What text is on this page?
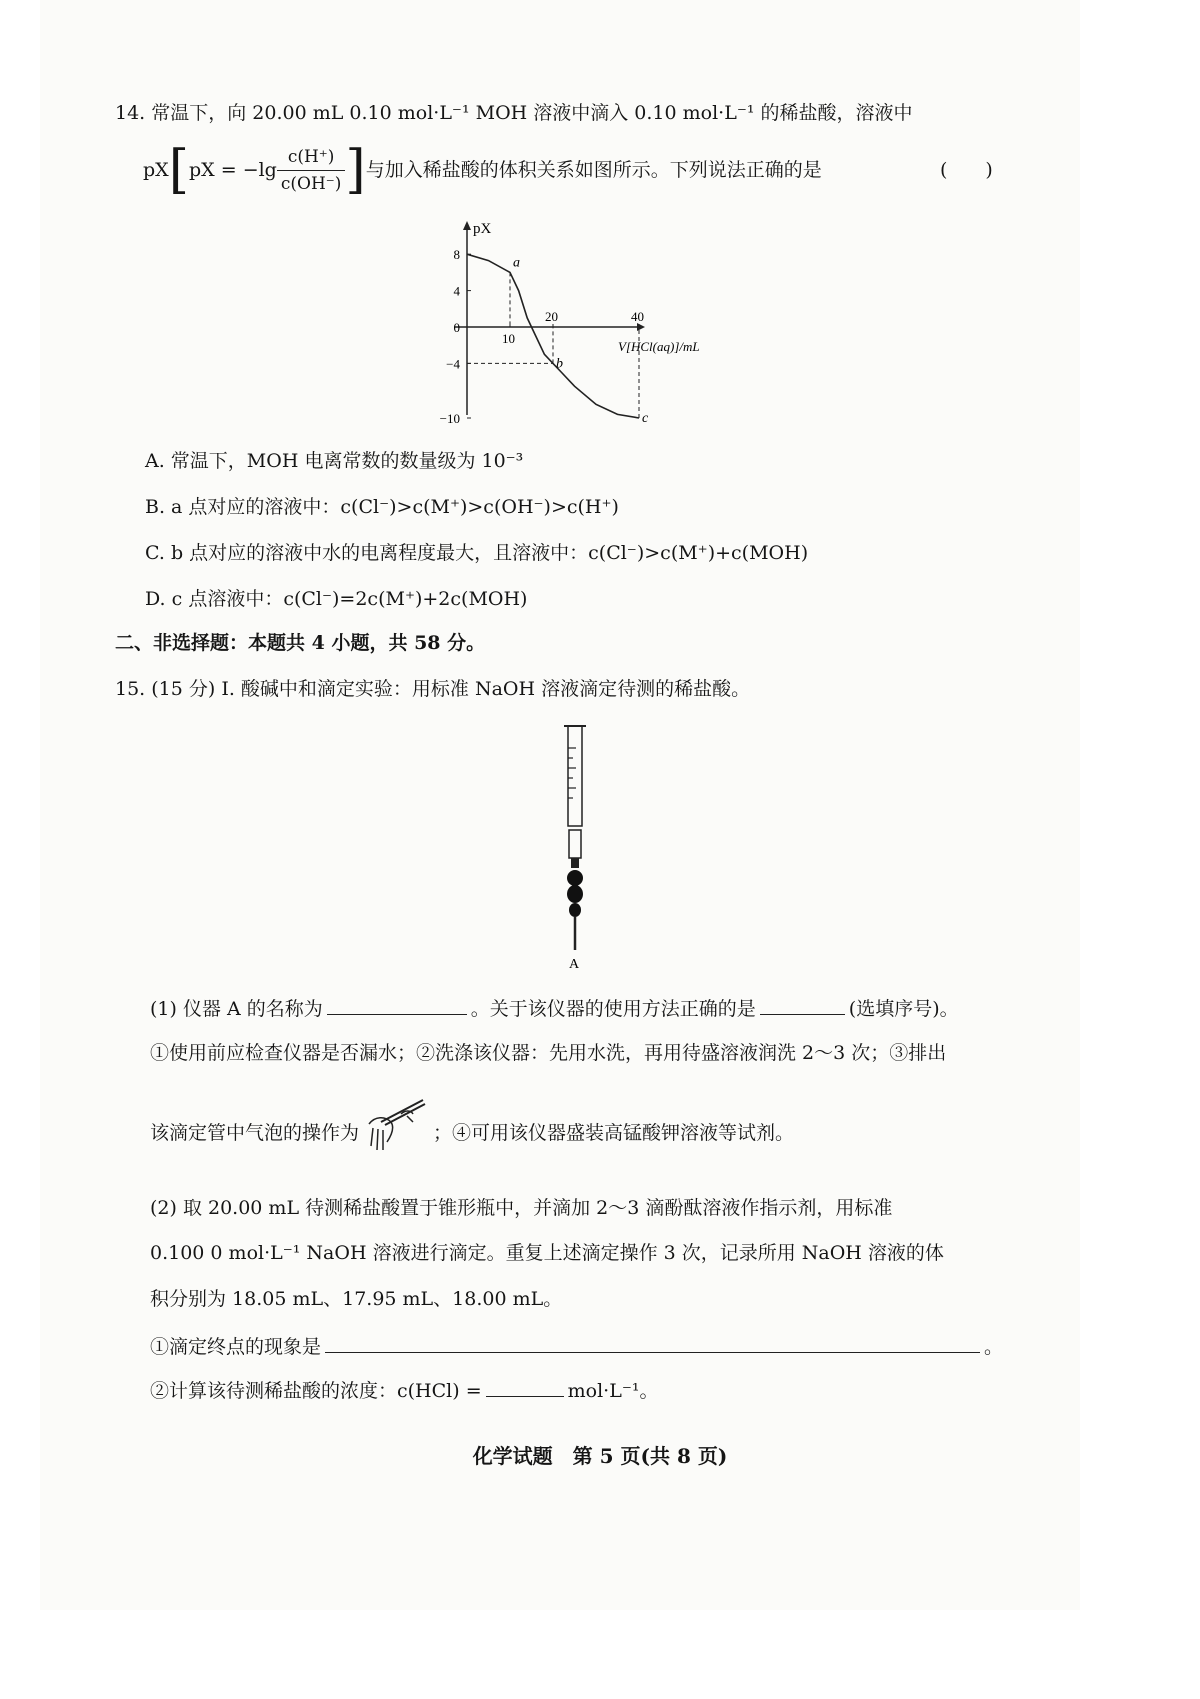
14. 常温下，向 20.00 mL 0.10 mol·L⁻¹ MOH 溶液中滴入 0.10 mol·L⁻¹ 的稀盐酸，溶液中
pX [ pX = $-\lg \frac{c(H^+)}{c(OH^-)}$ ] 与加入稀盐酸的体积关系如图所示。下列说法正确的是	(　　)
pX
V[HCl(aq)]/mL
10
20	40
8
4
0
−4
−10
a
b
c
A. 常温下，MOH 电离常数的数量级为 10⁻³
B. a 点对应的溶液中：c(Cl⁻)>c(M⁺)>c(OH⁻)>c(H⁺)
C. b 点对应的溶液中水的电离程度最大，且溶液中：c(Cl⁻)>c(M⁺)+c(MOH)
D. c 点溶液中：c(Cl⁻)=2c(M⁺)+2c(MOH)
二、非选择题：本题共 4 小题，共 58 分。
15. (15 分) Ⅰ. 酸碱中和滴定实验：用标准 NaOH 溶液滴定待测的稀盐酸。
A
(1) 仪器 A 的名称为	。关于该仪器的使用方法正确的是	(选填序号)。
①使用前应检查仪器是否漏水；②洗涤该仪器：先用水洗，再用待盛溶液润洗 2～3 次；③排出
该滴定管中气泡的操作为	；④可用该仪器盛装高锰酸钾溶液等试剂。
(2) 取 20.00 mL 待测稀盐酸置于锥形瓶中，并滴加 2～3 滴酚酞溶液作指示剂，用标准
0.100 0 mol·L⁻¹ NaOH 溶液进行滴定。重复上述滴定操作 3 次，记录所用 NaOH 溶液的体
积分别为 18.05 mL、17.95 mL、18.00 mL。
①滴定终点的现象是	。
②计算该待测稀盐酸的浓度：c(HCl) =	mol·L⁻¹。
化学试题　第 5 页(共 8 页)
